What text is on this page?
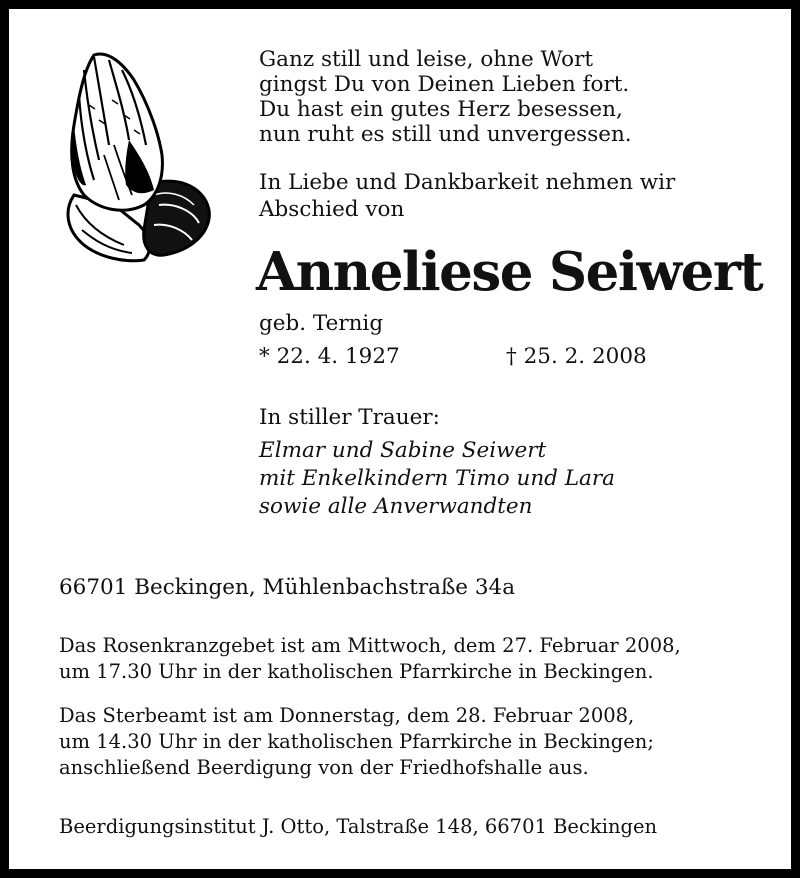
Ganz still und leise, ohne Wort
gingst Du von Deinen Lieben fort.
Du hast ein gutes Herz besessen,
nun ruht es still und unvergessen.
In Liebe und Dankbarkeit nehmen wir
Abschied von
Anneliese Seiwert
geb. Ternig
* 22. 4. 1927	† 25. 2. 2008
In stiller Trauer:
Elmar und Sabine Seiwert
mit Enkelkindern Timo und Lara
sowie alle Anverwandten
66701 Beckingen, Mühlenbachstraße 34a
Das Rosenkranzgebet ist am Mittwoch, dem 27. Februar 2008,
um 17.30 Uhr in der katholischen Pfarrkirche in Beckingen.
Das Sterbeamt ist am Donnerstag, dem 28. Februar 2008,
um 14.30 Uhr in der katholischen Pfarrkirche in Beckingen;
anschließend Beerdigung von der Friedhofshalle aus.
Beerdigungsinstitut J. Otto, Talstraße 148, 66701 Beckingen
